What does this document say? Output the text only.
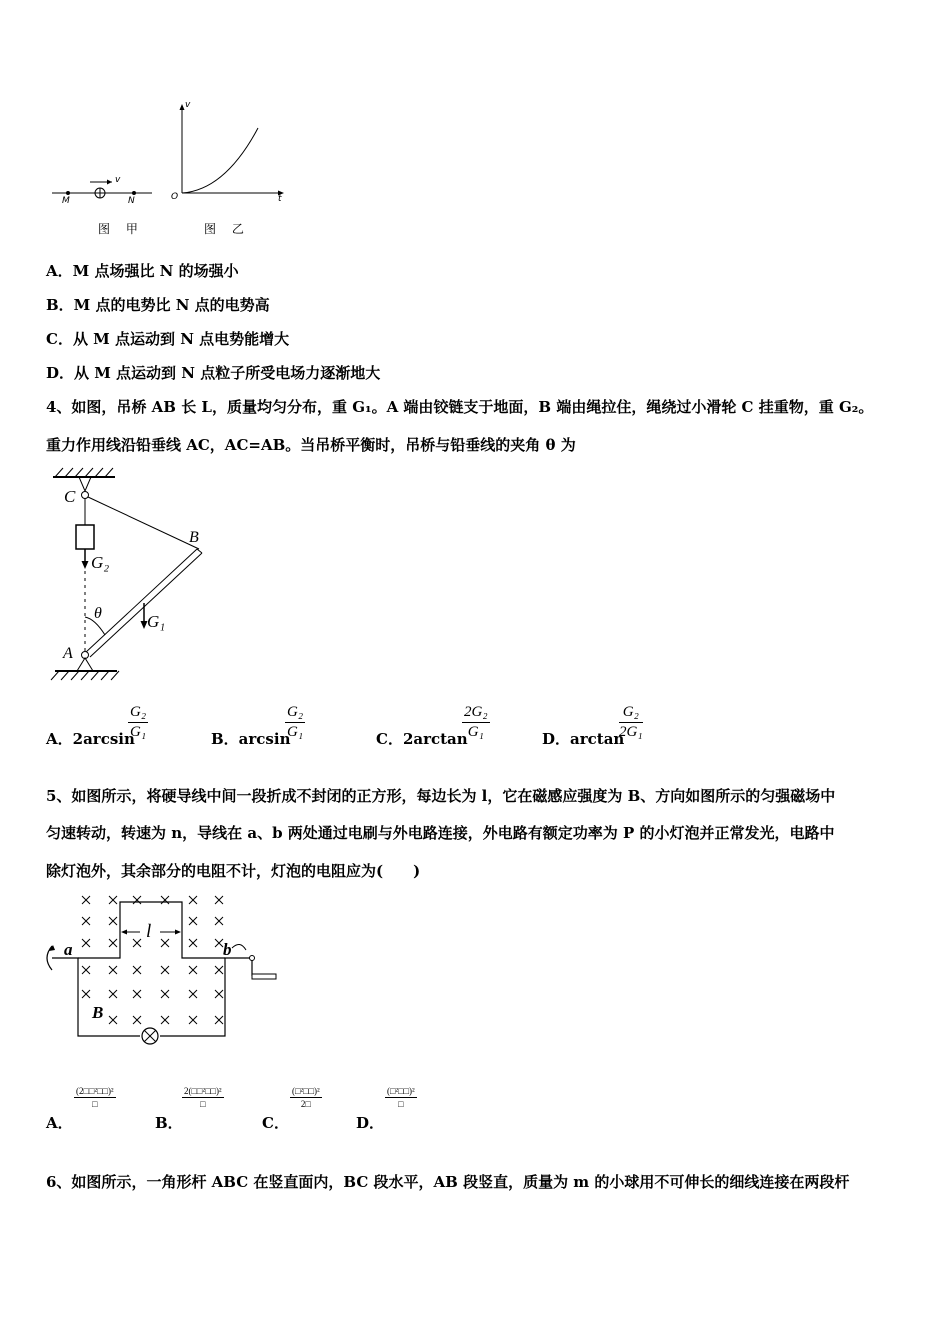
M	N
v
v
t
O
图 甲	图 乙
A．M 点场强比 N 的场强小
B．M 点的电势比 N 点的电势高
C．从 M 点运动到 N 点电势能增大
D．从 M 点运动到 N 点粒子所受电场力逐渐地大
4、如图，吊桥 AB 长 L，质量均匀分布，重 G₁。A 端由铰链支于地面，B 端由绳拉住，绳绕过小滑轮 C 挂重物，重 G₂。
重力作用线沿铅垂线 AC，AC=AB。当吊桥平衡时，吊桥与铅垂线的夹角 θ 为
C
B
G₂
θ	G₁
A
A．2arcsin
$\frac{\text{G₂}}{\text{G₁}}$	B．arcsin
$\frac{\text{G₂}}{\text{G₁}}$	C．2arctan
$\frac{\text{2G₂}}{\text{G₁}}$	D．arctan
$\frac{\text{G₂}}{\text{2G₁}}$
5、如图所示，将硬导线中间一段折成不封闭的正方形，每边长为 l，它在磁感应强度为 B、方向如图所示的匀强磁场中
匀速转动，转速为 n，导线在 a、b 两处通过电刷与外电路连接，外电路有额定功率为 P 的小灯泡并正常发光，电路中
除灯泡外，其余部分的电阻不计，灯泡的电阻应为(　　)
a	b
l
B
A．
(2□□²□□)²
□
B．
2(□□²□□)²
□
C．
(□²□□)²
2□
D．
(□²□□)²
□
6、如图所示，一角形杆 ABC 在竖直面内，BC 段水平，AB 段竖直，质量为 m 的小球用不可伸长的细线连接在两段杆
